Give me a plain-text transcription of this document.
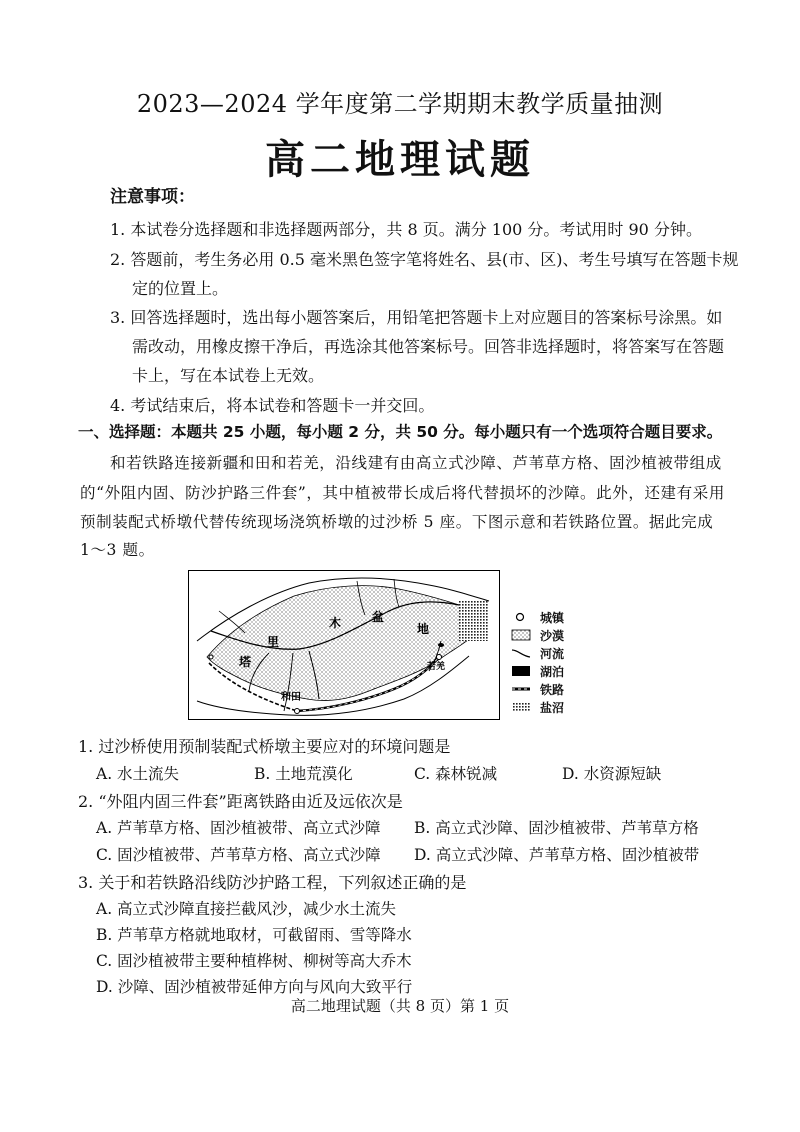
2023—2024 学年度第二学期期末教学质量抽测
高二地理试题
注意事项：
1. 本试卷分选择题和非选择题两部分，共 8 页。满分 100 分。考试用时 90 分钟。
2. 答题前，考生务必用 0.5 毫米黑色签字笔将姓名、县(市、区)、考生号填写在答题卡规
定的位置上。
3. 回答选择题时，选出每小题答案后，用铅笔把答题卡上对应题目的答案标号涂黑。如
需改动，用橡皮擦干净后，再选涂其他答案标号。回答非选择题时，将答案写在答题
卡上，写在本试卷上无效。
4. 考试结束后，将本试卷和答题卡一并交回。
一、选择题：本题共 25 小题，每小题 2 分，共 50 分。每小题只有一个选项符合题目要求。
和若铁路连接新疆和田和若羌，沿线建有由高立式沙障、芦苇草方格、固沙植被带组成
的“外阻内固、防沙护路三件套”，其中植被带长成后将代替损坏的沙障。此外，还建有采用
预制装配式桥墩代替传统现场浇筑桥墩的过沙桥 5 座。下图示意和若铁路位置。据此完成
1～3 题。
塔
里
木	盆
地
和田
若羌
城镇
沙漠
河流
湖泊
铁路
盐沼
1. 过沙桥使用预制装配式桥墩主要应对的环境问题是
A. 水土流失	B. 土地荒漠化	C. 森林锐减	D. 水资源短缺
2. “外阻内固三件套”距离铁路由近及远依次是
A. 芦苇草方格、固沙植被带、高立式沙障 B. 高立式沙障、固沙植被带、芦苇草方格
C. 固沙植被带、芦苇草方格、高立式沙障 D. 高立式沙障、芦苇草方格、固沙植被带
3. 关于和若铁路沿线防沙护路工程，下列叙述正确的是
A. 高立式沙障直接拦截风沙，减少水土流失
B. 芦苇草方格就地取材，可截留雨、雪等降水
C. 固沙植被带主要种植桦树、柳树等高大乔木
D. 沙障、固沙植被带延伸方向与风向大致平行
高二地理试题（共 8 页）第 1 页
